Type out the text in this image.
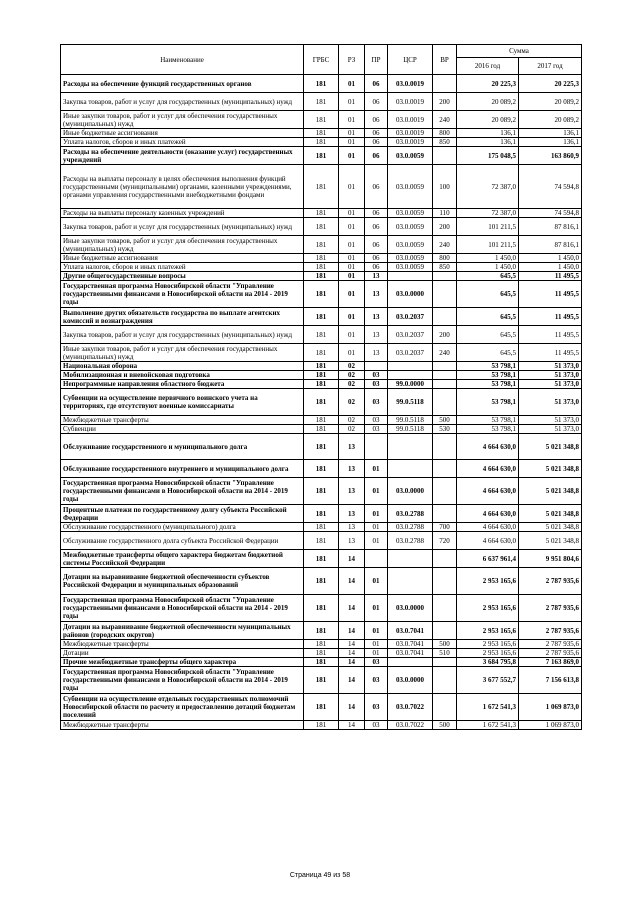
Наименование	ГРБС	РЗ	ПР	ЦСР	ВР	Сумма	
						2016 год	2017 год
Расходы на обеспечение функций государственных органов	181	01	06	03.0.0019		20 225,3	20 225,3
Закупка товаров, работ и услуг для государственных (муниципальных) нужд	181	01	06	03.0.0019	200	20 089,2	20 089,2
Иные закупки товаров, работ и услуг для обеспечения государственных (муниципальных) нужд	181	01	06	03.0.0019	240	20 089,2	20 089,2
Иные бюджетные ассигнования	181	01	06	03.0.0019	800	136,1	136,1
Уплата налогов, сборов и иных платежей	181	01	06	03.0.0019	850	136,1	136,1
Расходы на обеспечение деятельности (оказание услуг) государственных учреждений	181	01	06	03.0.0059		175 048,5	163 860,9
Расходы на выплаты персоналу в целях обеспечения выполнения функций государственными (муниципальными) органами, казенными учреждениями, органами управления государственными внебюджетными фондами	181	01	06	03.0.0059	100	72 387,0	74 594,8
Расходы на выплаты персоналу казенных учреждений	181	01	06	03.0.0059	110	72 387,0	74 594,8
Закупка товаров, работ и услуг для государственных (муниципальных) нужд	181	01	06	03.0.0059	200	101 211,5	87 816,1
Иные закупки товаров, работ и услуг для обеспечения государственных (муниципальных) нужд	181	01	06	03.0.0059	240	101 211,5	87 816,1
Иные бюджетные ассигнования	181	01	06	03.0.0059	800	1 450,0	1 450,0
Уплата налогов, сборов и иных платежей	181	01	06	03.0.0059	850	1 450,0	1 450,0
Другие общегосударственные вопросы	181	01	13			645,5	11 495,5
Государственная программа Новосибирской области "Управление государственными финансами в Новосибирской области на 2014 - 2019 годы	181	01	13	03.0.0000		645,5	11 495,5
Выполнение других обязательств государства по выплате агентских комиссий и вознаграждения	181	01	13	03.0.2037		645,5	11 495,5
Закупка товаров, работ и услуг для государственных (муниципальных) нужд	181	01	13	03.0.2037	200	645,5	11 495,5
Иные закупки товаров, работ и услуг для обеспечения государственных (муниципальных) нужд	181	01	13	03.0.2037	240	645,5	11 495,5
Национальная оборона	181	02				53 798,1	51 373,0
Мобилизационная и вневойсковая подготовка	181	02	03			53 798,1	51 373,0
Непрограммные направления областного бюджета	181	02	03	99.0.0000		53 798,1	51 373,0
Субвенции на осуществление первичного воинского учета на территориях, где отсутствуют военные комиссариаты	181	02	03	99.0.5118		53 798,1	51 373,0
Межбюджетные трансферты	181	02	03	99.0.5118	500	53 798,1	51 373,0
Субвенции	181	02	03	99.0.5118	530	53 798,1	51 373,0
Обслуживание государственного и муниципального долга	181	13				4 664 630,0	5 021 348,8
Обслуживание государственного внутреннего и муниципального долга	181	13	01			4 664 630,0	5 021 348,8
Государственная программа Новосибирской области "Управление государственными финансами в Новосибирской области на 2014 - 2019 годы	181	13	01	03.0.0000		4 664 630,0	5 021 348,8
Процентные платежи по государственному долгу субъекта Российской Федерации	181	13	01	03.0.2788		4 664 630,0	5 021 348,8
Обслуживание государственного (муниципального) долга	181	13	01	03.0.2788	700	4 664 630,0	5 021 348,8
Обслуживание государственного долга субъекта Российской Федерации	181	13	01	03.0.2788	720	4 664 630,0	5 021 348,8
Межбюджетные трансферты общего характера бюджетам бюджетной системы Российской Федерации	181	14				6 637 961,4	9 951 804,6
Дотации на выравнивание бюджетной обеспеченности субъектов Российской Федерации и муниципальных образований	181	14	01			2 953 165,6	2 787 935,6
Государственная программа Новосибирской области "Управление государственными финансами в Новосибирской области на 2014 - 2019 годы	181	14	01	03.0.0000		2 953 165,6	2 787 935,6
Дотации на выравнивание бюджетной обеспеченности муниципальных районов (городских округов)	181	14	01	03.0.7041		2 953 165,6	2 787 935,6
Межбюджетные трансферты	181	14	01	03.0.7041	500	2 953 165,6	2 787 935,6
Дотации	181	14	01	03.0.7041	510	2 953 165,6	2 787 935,6
Прочие межбюджетные трансферты общего характера	181	14	03			3 684 795,8	7 163 869,0
Государственная программа Новосибирской области "Управление государственными финансами в Новосибирской области на 2014 - 2019 годы	181	14	03	03.0.0000		3 677 552,7	7 156 613,8
Субвенции на осуществление отдельных государственных полномочий Новосибирской области по расчету и предоставлению дотаций бюджетам поселений	181	14	03	03.0.7022		1 672 541,3	1 069 873,0
Межбюджетные трансферты	181	14	03	03.0.7022	500	1 672 541,3	1 069 873,0
Страница 49 из 58
